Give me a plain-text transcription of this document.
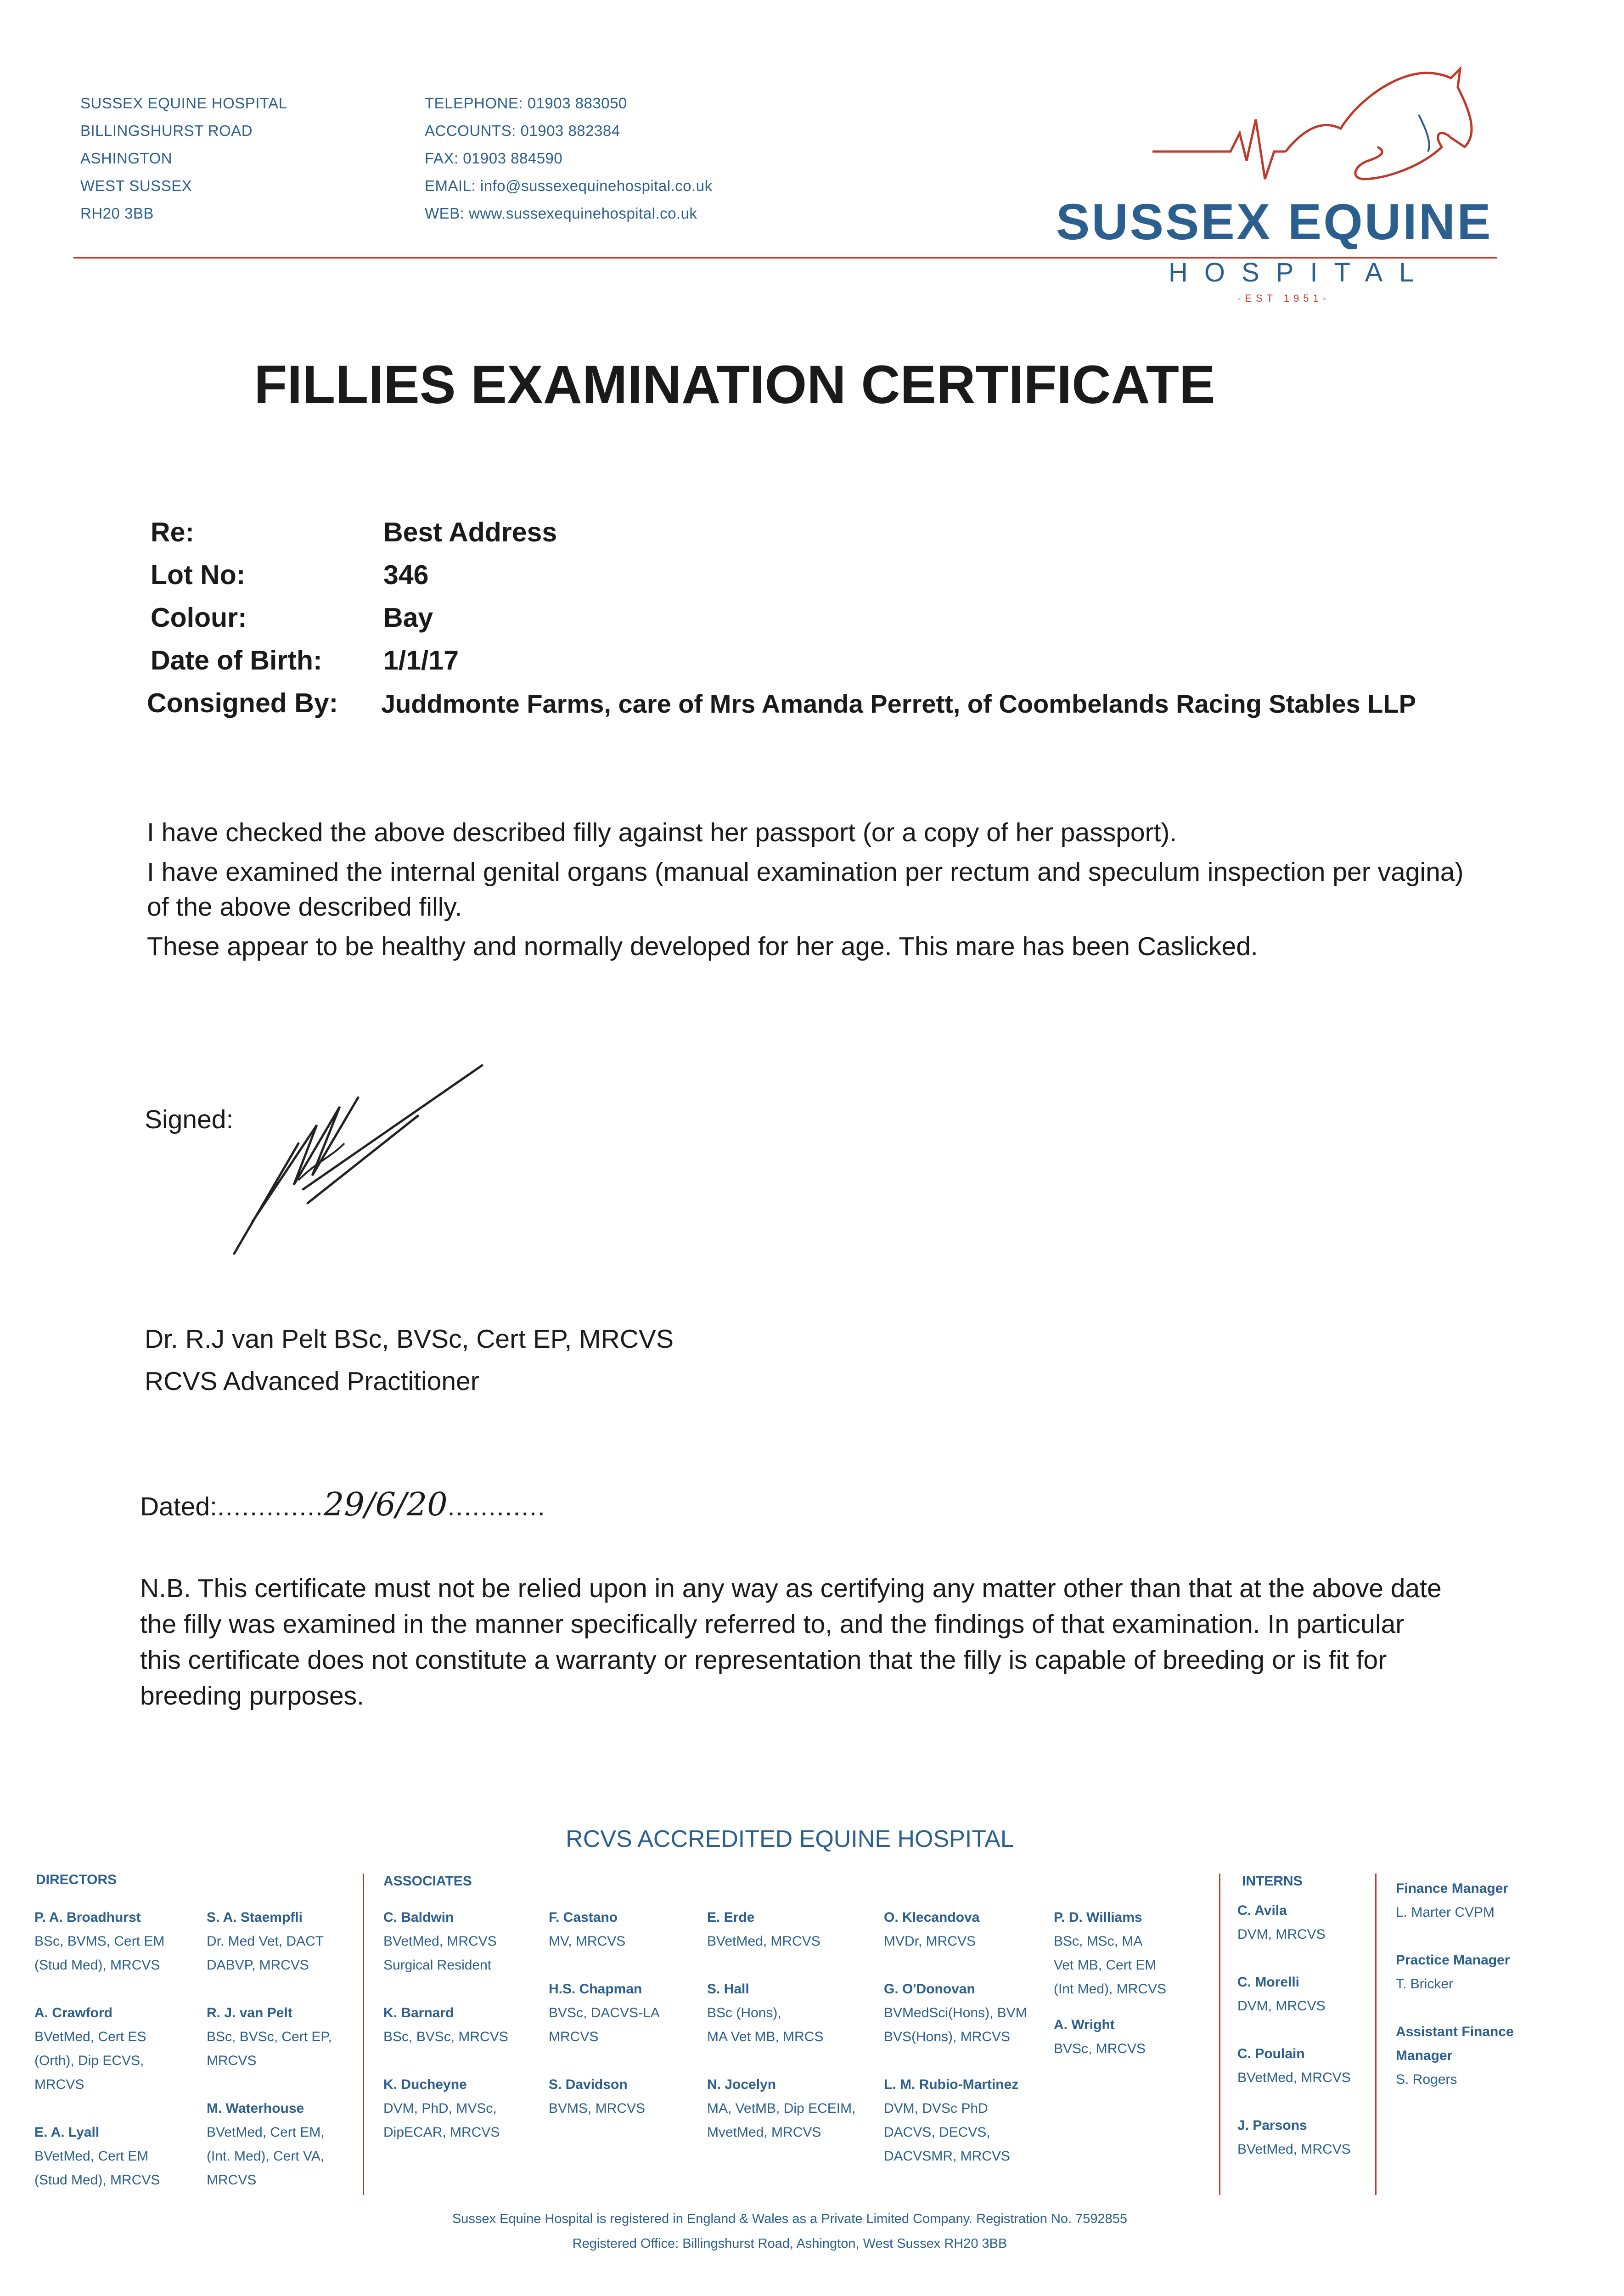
SUSSEX EQUINE HOSPITAL
BILLINGSHURST ROAD
ASHINGTON
WEST SUSSEX
RH20 3BB
TELEPHONE: 01903 883050
ACCOUNTS: 01903 882384
FAX: 01903 884590
EMAIL: info@sussexequinehospital.co.uk
WEB: www.sussexequinehospital.co.uk	SUSSEX EQUINE
HOSPITAL
-EST 1951-
FILLIES EXAMINATION CERTIFICATE
Re:	Best Address
Lot No:	346
Colour:	Bay
Date of Birth: 1/1/17
Consigned By: Juddmonte Farms, care of Mrs Amanda Perrett, of Coombelands Racing Stables LLP

I have checked the above described filly against her passport (or a copy of her passport).

I have examined the internal genital organs (manual examination per rectum and speculum inspection per vagina) of the above described filly.

These appear to be healthy and normally developed for her age. This mare has been Caslicked.

Signed:
Dr. R.J van Pelt BSc, BVSc, Cert EP, MRCVS
RCVS Advanced Practitioner
Dated:.............29/6/20............
N.B. This certificate must not be relied upon in any way as certifying any matter other than that at the above date the filly was examined in the manner specifically referred to, and the findings of that examination. In particular this certificate does not constitute a warranty or representation that the filly is capable of breeding or is fit for breeding purposes.
RCVS ACCREDITED EQUINE HOSPITAL
DIRECTORS	ASSOCIATES	INTERNS
P. A. Broadhurst
BSc, BVMS, Cert EM
(Stud Med), MRCVS
A. Crawford
BVetMed, Cert ES
(Orth), Dip ECVS,
MRCVS
E. A. Lyall
BVetMed, Cert EM
(Stud Med), MRCVS
S. A. Staempfli
Dr. Med Vet, DACT
DABVP, MRCVS
R. J. van Pelt
BSc, BVSc, Cert EP,
MRCVS
M. Waterhouse
BVetMed, Cert EM,
(Int. Med), Cert VA,
MRCVS
C. Baldwin
BVetMed, MRCVS
Surgical Resident
K. Barnard
BSc, BVSc, MRCVS
K. Ducheyne
DVM, PhD, MVSc,
DipECAR, MRCVS
F. Castano
MV, MRCVS
H.S. Chapman
BVSc, DACVS-LA
MRCVS
S. Davidson
BVMS, MRCVS
E. Erde
BVetMed, MRCVS
S. Hall
BSc (Hons),
MA Vet MB, MRCS
N. Jocelyn
MA, VetMB, Dip ECEIM,
MvetMed, MRCVS
O. Klecandova
MVDr, MRCVS
G. O'Donovan
BVMedSci(Hons), BVM
BVS(Hons), MRCVS
L. M. Rubio-Martinez
DVM, DVSc PhD
DACVS, DECVS,
DACVSMR, MRCVS
P. D. Williams
BSc, MSc, MA
Vet MB, Cert EM
(Int Med), MRCVS
A. Wright
BVSc, MRCVS
C. Avila
DVM, MRCVS
C. Morelli
DVM, MRCVS
C. Poulain
BVetMed, MRCVS
J. Parsons
BVetMed, MRCVS
Finance Manager
L. Marter CVPM
Practice Manager
T. Bricker
Assistant Finance Manager
S. Rogers
Sussex Equine Hospital is registered in England & Wales as a Private Limited Company. Registration No. 7592855
Registered Office: Billingshurst Road, Ashington, West Sussex RH20 3BB
